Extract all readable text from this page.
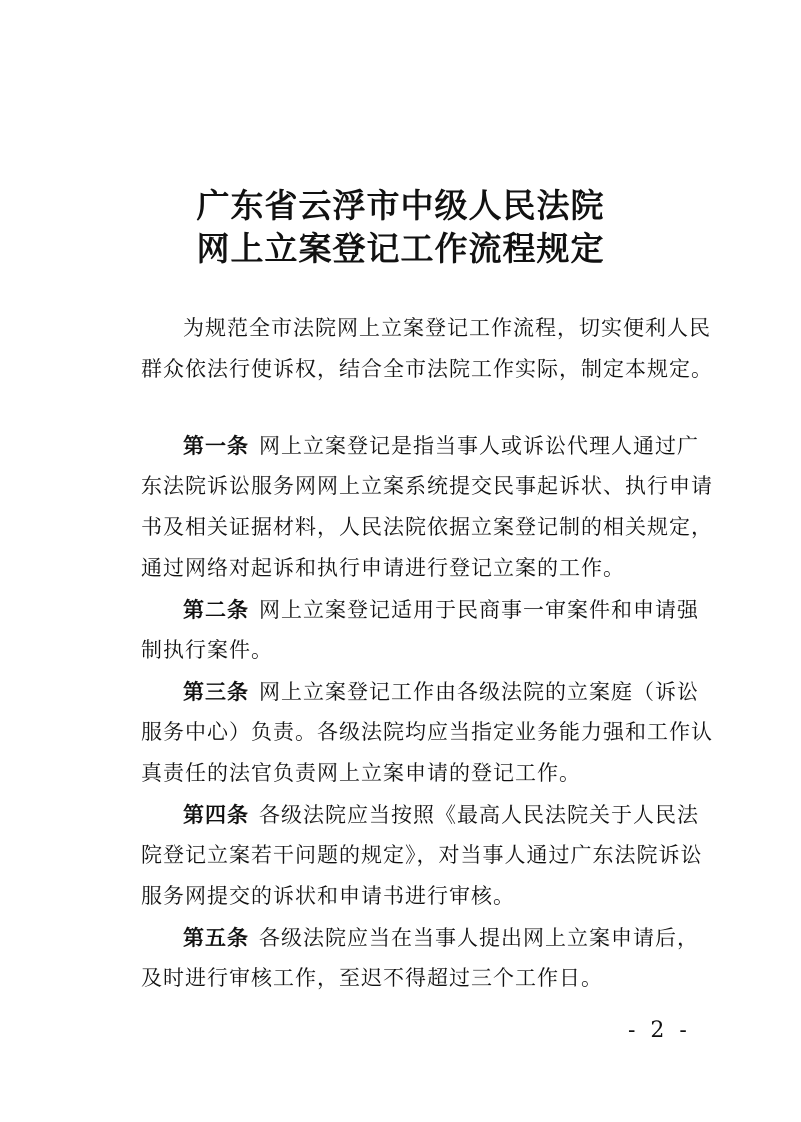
广东省云浮市中级人民法院
网上立案登记工作流程规定

为规范全市法院网上立案登记工作流程，切实便利人民
群众依法行使诉权，结合全市法院工作实际，制定本规定。

第一条 网上立案登记是指当事人或诉讼代理人通过广
东法院诉讼服务网网上立案系统提交民事起诉状、执行申请
书及相关证据材料，人民法院依据立案登记制的相关规定，
通过网络对起诉和执行申请进行登记立案的工作。

第二条 网上立案登记适用于民商事一审案件和申请强
制执行案件。

第三条 网上立案登记工作由各级法院的立案庭（诉讼
服务中心）负责。各级法院均应当指定业务能力强和工作认
真责任的法官负责网上立案申请的登记工作。

第四条 各级法院应当按照《最高人民法院关于人民法
院登记立案若干问题的规定》，对当事人通过广东法院诉讼
服务网提交的诉状和申请书进行审核。

第五条 各级法院应当在当事人提出网上立案申请后，
及时进行审核工作，至迟不得超过三个工作日。

- 2 -
